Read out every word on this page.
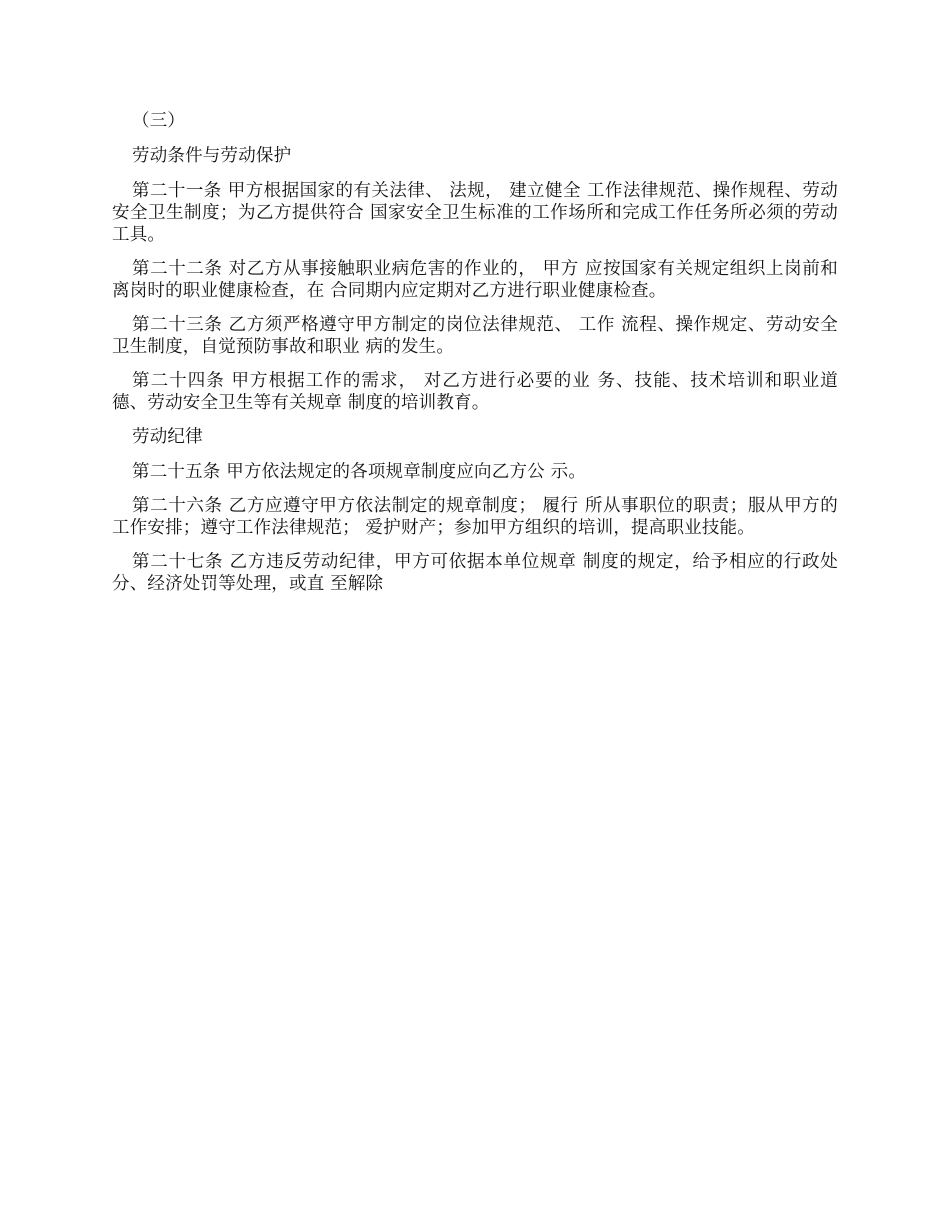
（三）

劳动条件与劳动保护

第二十一条 甲方根据国家的有关法律、 法规， 建立健全 工作法律规范、操作规程、劳动安全卫生制度；为乙方提供符合 国家安全卫生标准的工作场所和完成工作任务所必须的劳动 工具。

第二十二条 对乙方从事接触职业病危害的作业的， 甲方 应按国家有关规定组织上岗前和离岗时的职业健康检查，在 合同期内应定期对乙方进行职业健康检查。

第二十三条 乙方须严格遵守甲方制定的岗位法律规范、 工作 流程、操作规定、劳动安全卫生制度，自觉预防事故和职业 病的发生。

第二十四条 甲方根据工作的需求， 对乙方进行必要的业 务、技能、技术培训和职业道德、劳动安全卫生等有关规章 制度的培训教育。

劳动纪律

第二十五条 甲方依法规定的各项规章制度应向乙方公 示。

第二十六条 乙方应遵守甲方依法制定的规章制度； 履行 所从事职位的职责；服从甲方的工作安排；遵守工作法律规范； 爱护财产；参加甲方组织的培训，提高职业技能。

第二十七条 乙方违反劳动纪律，甲方可依据本单位规章 制度的规定，给予相应的行政处分、经济处罚等处理，或直 至解除
